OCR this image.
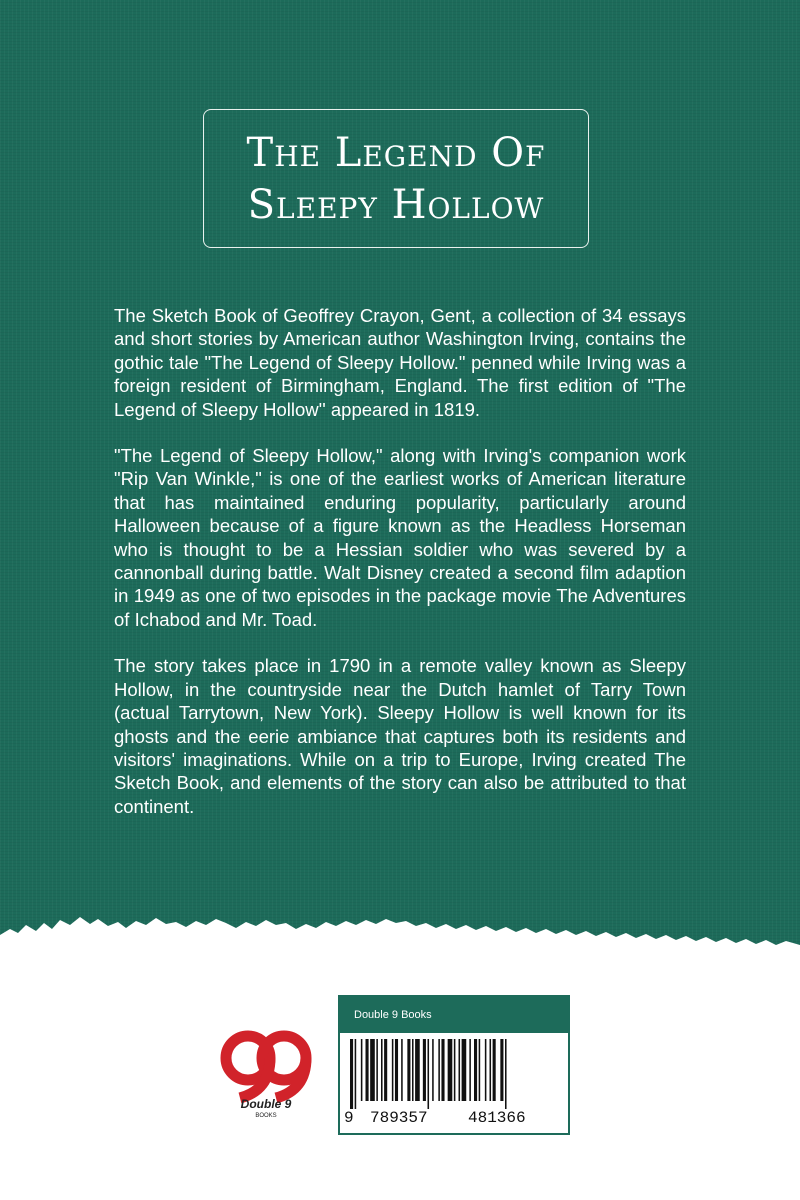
The Legend Of
Sleepy Hollow

The Sketch Book of Geoffrey Crayon, Gent, a collection of 34 essays and short stories by American author Washington Irving, contains the gothic tale "The Legend of Sleepy Hollow." penned while Irving was a foreign resident of Birmingham, England. The first edition of "The Legend of Sleepy Hollow'' appeared in 1819.

"The Legend of Sleepy Hollow," along with Irving's companion work "Rip Van Winkle," is one of the earliest works of American literature that has maintained enduring popularity, particularly around Halloween because of a figure known as the Headless Horseman who is thought to be a Hessian soldier who was severed by a cannonball during battle. Walt Disney created a second film adaption in 1949 as one of two episodes in the package movie The Adventures of Ichabod and Mr. Toad.

The story takes place in 1790 in a remote valley known as Sleepy Hollow, in the countryside near the Dutch hamlet of Tarry Town (actual Tarrytown, New York). Sleepy Hollow is well known for its ghosts and the eerie ambiance that captures both its residents and visitors' imaginations. While on a trip to Europe, Irving created The Sketch Book, and elements of the story can also be attributed to that continent.

Double 9
BOOKS
Double 9 Books
9 789357	481366
